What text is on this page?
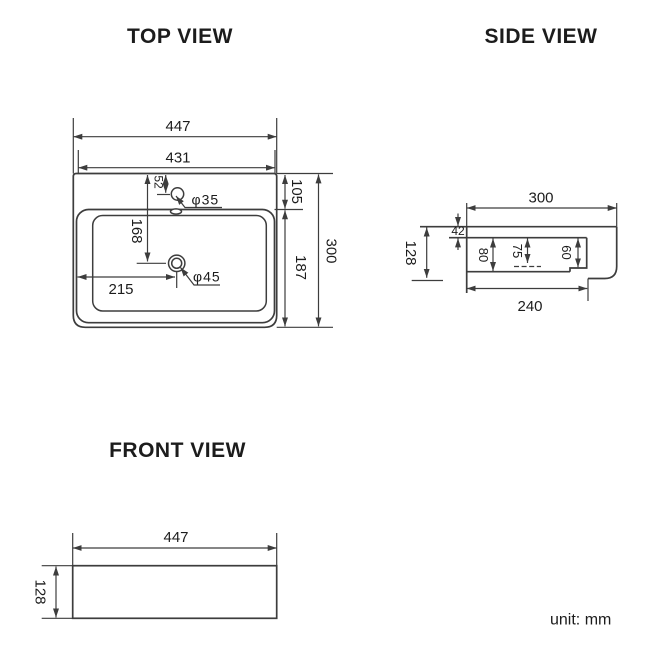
TOP VIEW
447
431
52
168
215
105
187
300
φ35
φ45
SIDE VIEW
300
42
128	80 75	60
240
FRONT VIEW
447
128
unit: mm
